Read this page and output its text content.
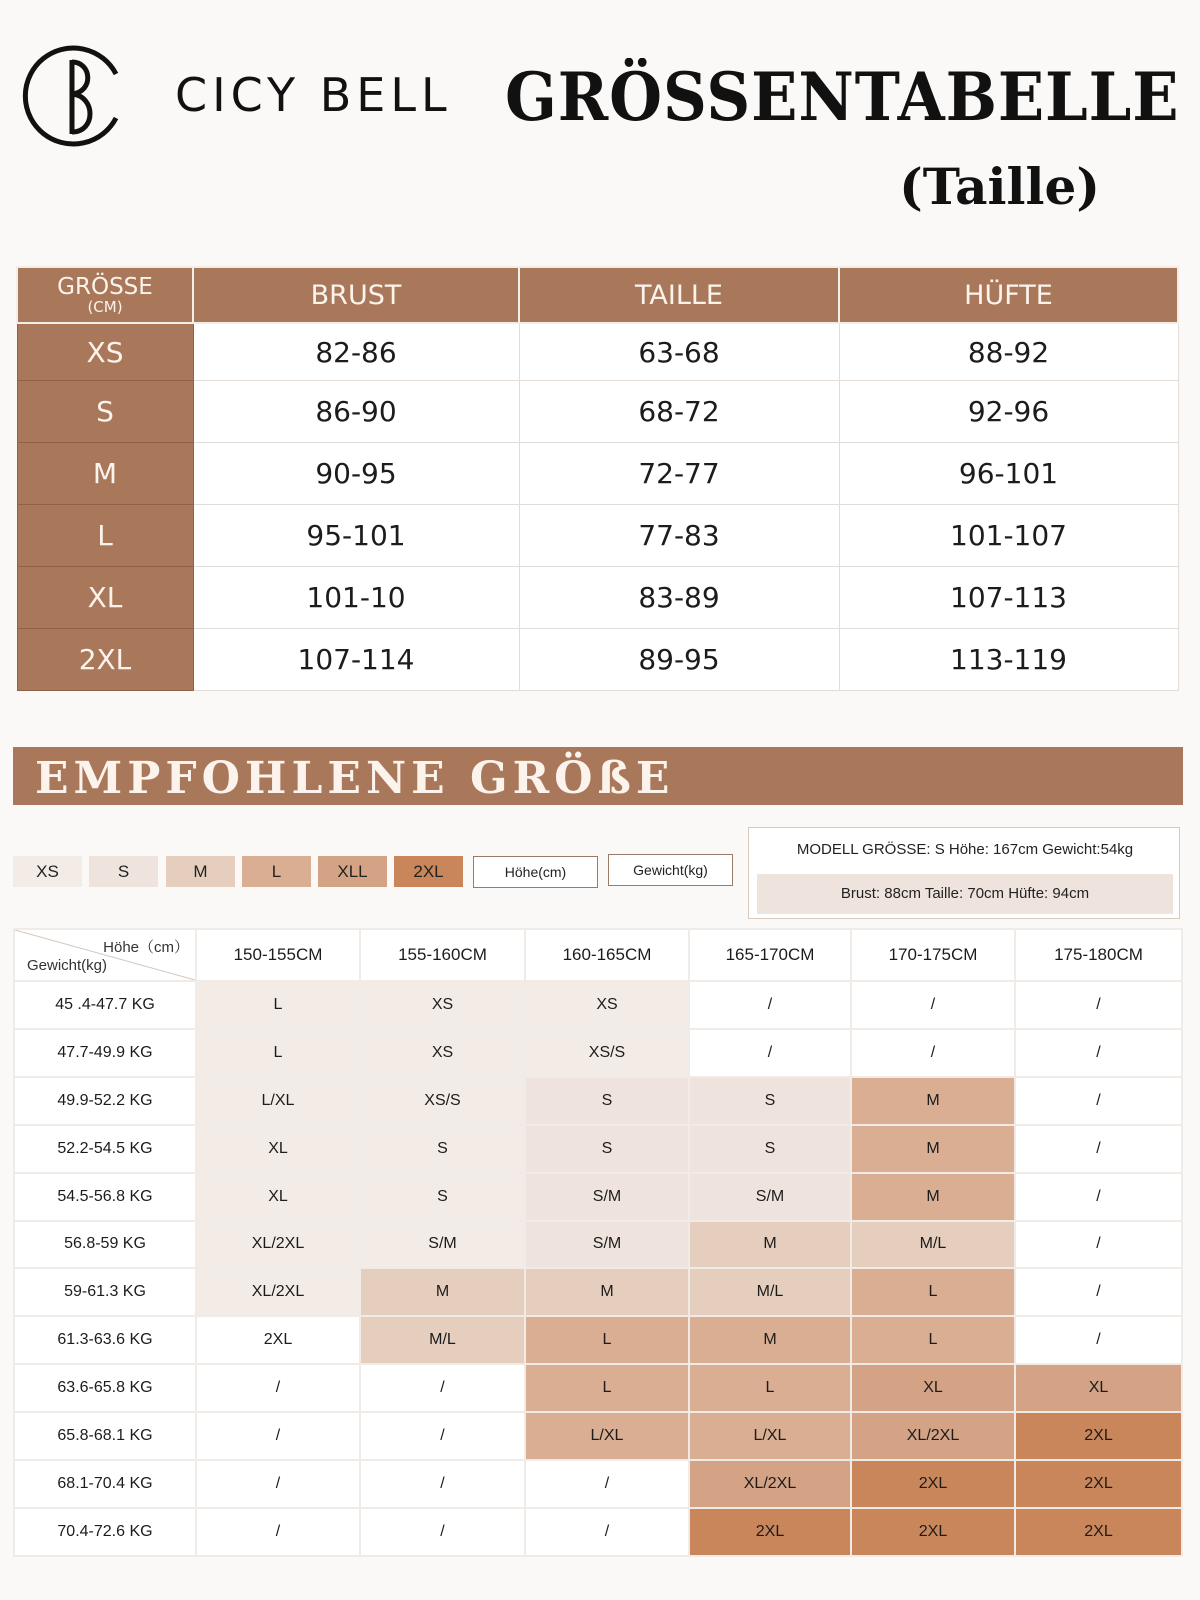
CICY BELL GRÖSSENTABELLE
(Taille)
GRÖSSE
(CM)	BRUST	TAILLE	HÜFTE
XS	82-86	63-68	88-92
S	86-90	68-72	92-96
M	90-95	72-77	96-101
L	95-101	77-83	101-107
XL	101-10	83-89	107-113
2XL	107-114	89-95	113-119
EMPFOHLENE GRÖßE
XS	S	M	L	XLL	2XL	Höhe(cm)	Gewicht(kg)
MODELL GRÖSSE: S Höhe: 167cm Gewicht:54kg
Brust: 88cm Taille: 70cm Hüfte: 94cm
Höhe（cm）
Gewicht(kg)	150-155CM	155-160CM	160-165CM	165-170CM	170-175CM	175-180CM
45 .4-47.7 KG	L	XS	XS	/	/	/
47.7-49.9 KG	L	XS	XS/S	/	/	/
49.9-52.2 KG	L/XL	XS/S	S	S	M	/
52.2-54.5 KG	XL	S	S	S	M	/
54.5-56.8 KG	XL	S	S/M	S/M	M	/
56.8-59 KG	XL/2XL	S/M	S/M	M	M/L	/
59-61.3 KG	XL/2XL	M	M	M/L	L	/
61.3-63.6 KG	2XL	M/L	L	M	L	/
63.6-65.8 KG	/	/	L	L	XL	XL
65.8-68.1 KG	/	/	L/XL	L/XL	XL/2XL	2XL
68.1-70.4 KG	/	/	/	XL/2XL	2XL	2XL
70.4-72.6 KG	/	/	/	2XL	2XL	2XL
